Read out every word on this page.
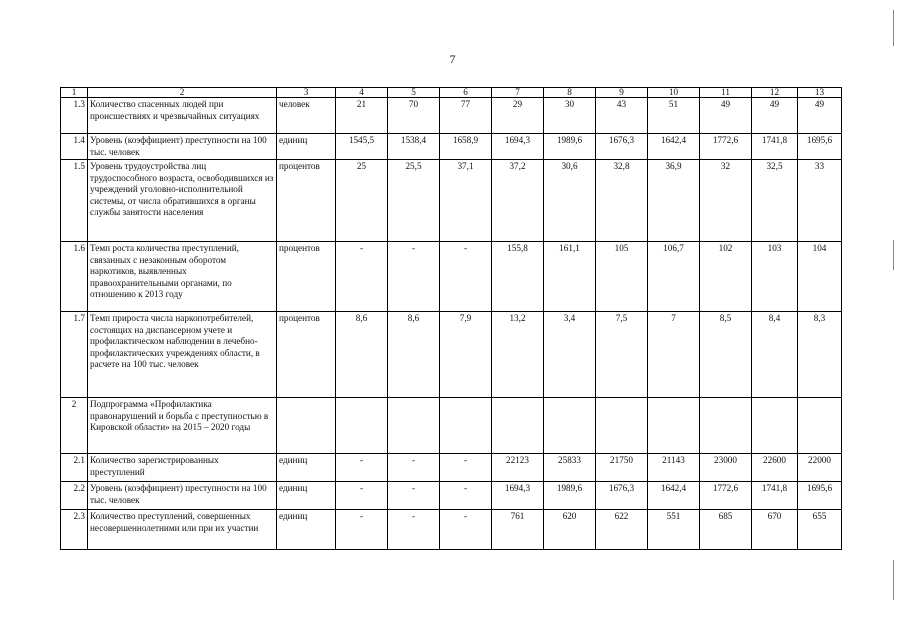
7
1	2	3	4	5	6	7	8	9	10	11	12	13
1.3	Количество спасенных людей при происшествиях и чрезвычайных ситуациях	человек	21	70	77	29	30	43	51	49	49	49
1.4	Уровень (коэффициент) преступности на 100 тыс. человек	единиц	1545,5	1538,4	1658,9	1694,3	1989,6	1676,3	1642,4	1772,6	1741,8	1695,6
1.5	Уровень трудоустройства лиц трудоспособного возраста, освободившихся из учреждений уголовно-исполнительной системы, от числа обратившихся в органы службы занятости населения	процентов	25	25,5	37,1	37,2	30,6	32,8	36,9	32	32,5	33
1.6	Темп роста количества преступлений, связанных с незаконным оборотом наркотиков, выявленных правоохранительными органами, по отношению к 2013 году	процентов	-	-	-	155,8	161,1	105	106,7	102	103	104
1.7	Темп прироста числа наркопотребителей, состоящих на диспансерном учете и профилактическом наблюдении в лечебно-профилактических учреждениях области, в расчете на 100 тыс. человек	процентов	8,6	8,6	7,9	13,2	3,4	7,5	7	8,5	8,4	8,3
2	Подпрограмма «Профилактика правонарушений и борьба с преступностью в Кировской области» на 2015 – 2020 годы											
2.1	Количество зарегистрированных преступлений	единиц	-	-	-	22123	25833	21750	21143	23000	22600	22000
2.2	Уровень (коэффициент) преступности на 100 тыс. человек	единиц	-	-	-	1694,3	1989,6	1676,3	1642,4	1772,6	1741,8	1695,6
2.3	Количество преступлений, совершенных несовершеннолетними или при их участии	единиц	-	-	-	761	620	622	551	685	670	655
